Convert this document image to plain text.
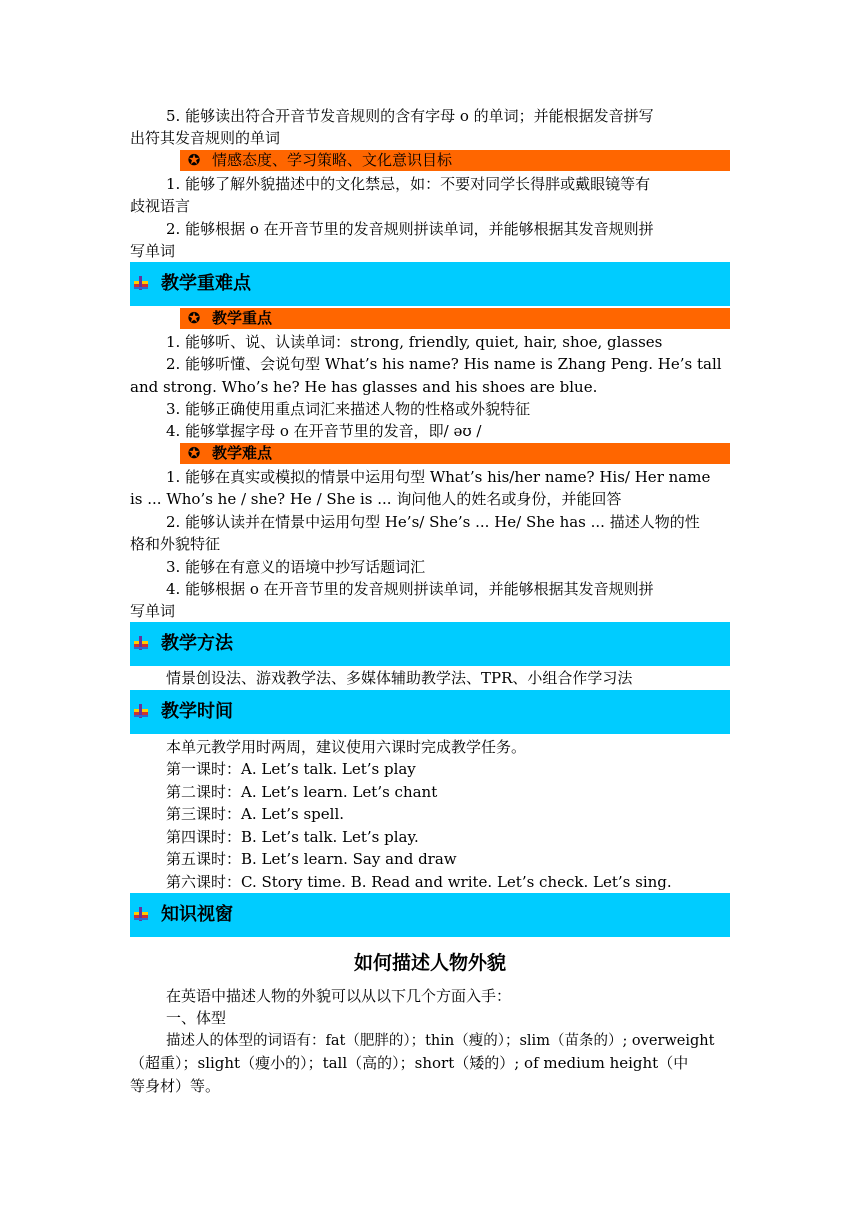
5. 能够读出符合开音节发音规则的含有字母 o 的单词；并能根据发音拼写
出符其发音规则的单词
✪ 情感态度、学习策略、文化意识目标
1. 能够了解外貌描述中的文化禁忌，如：不要对同学长得胖或戴眼镜等有
歧视语言
2. 能够根据 o 在开音节里的发音规则拼读单词，并能够根据其发音规则拼
写单词
教学重难点
✪ 教学重点
1. 能够听、说、认读单词：strong, friendly, quiet, hair, shoe, glasses
2. 能够听懂、会说句型 What’s his name? His name is Zhang Peng. He’s tall
and strong. Who’s he? He has glasses and his shoes are blue.
3. 能够正确使用重点词汇来描述人物的性格或外貌特征
4. 能够掌握字母 o 在开音节里的发音，即/ əʊ /
✪ 教学难点
1. 能够在真实或模拟的情景中运用句型 What’s his/her name? His/ Her name
is ... Who’s he / she? He / She is ... 询问他人的姓名或身份，并能回答
2. 能够认读并在情景中运用句型 He’s/ She’s ... He/ She has ... 描述人物的性
格和外貌特征
3. 能够在有意义的语境中抄写话题词汇
4. 能够根据 o 在开音节里的发音规则拼读单词，并能够根据其发音规则拼
写单词
教学方法
情景创设法、游戏教学法、多媒体辅助教学法、TPR、小组合作学习法
教学时间
本单元教学用时两周，建议使用六课时完成教学任务。
第一课时：A. Let’s talk. Let’s play
第二课时：A. Let’s learn. Let’s chant
第三课时：A. Let’s spell.
第四课时：B. Let’s talk. Let’s play.
第五课时：B. Let’s learn. Say and draw
第六课时：C. Story time. B. Read and write. Let’s check. Let’s sing.
知识视窗
如何描述人物外貌
在英语中描述人物的外貌可以从以下几个方面入手：
一、体型
描述人的体型的词语有：fat（肥胖的）；thin（瘦的）；slim（苗条的）; overweight
（超重）；slight（瘦小的）；tall（高的）；short（矮的）; of medium height（中
等身材）等。
